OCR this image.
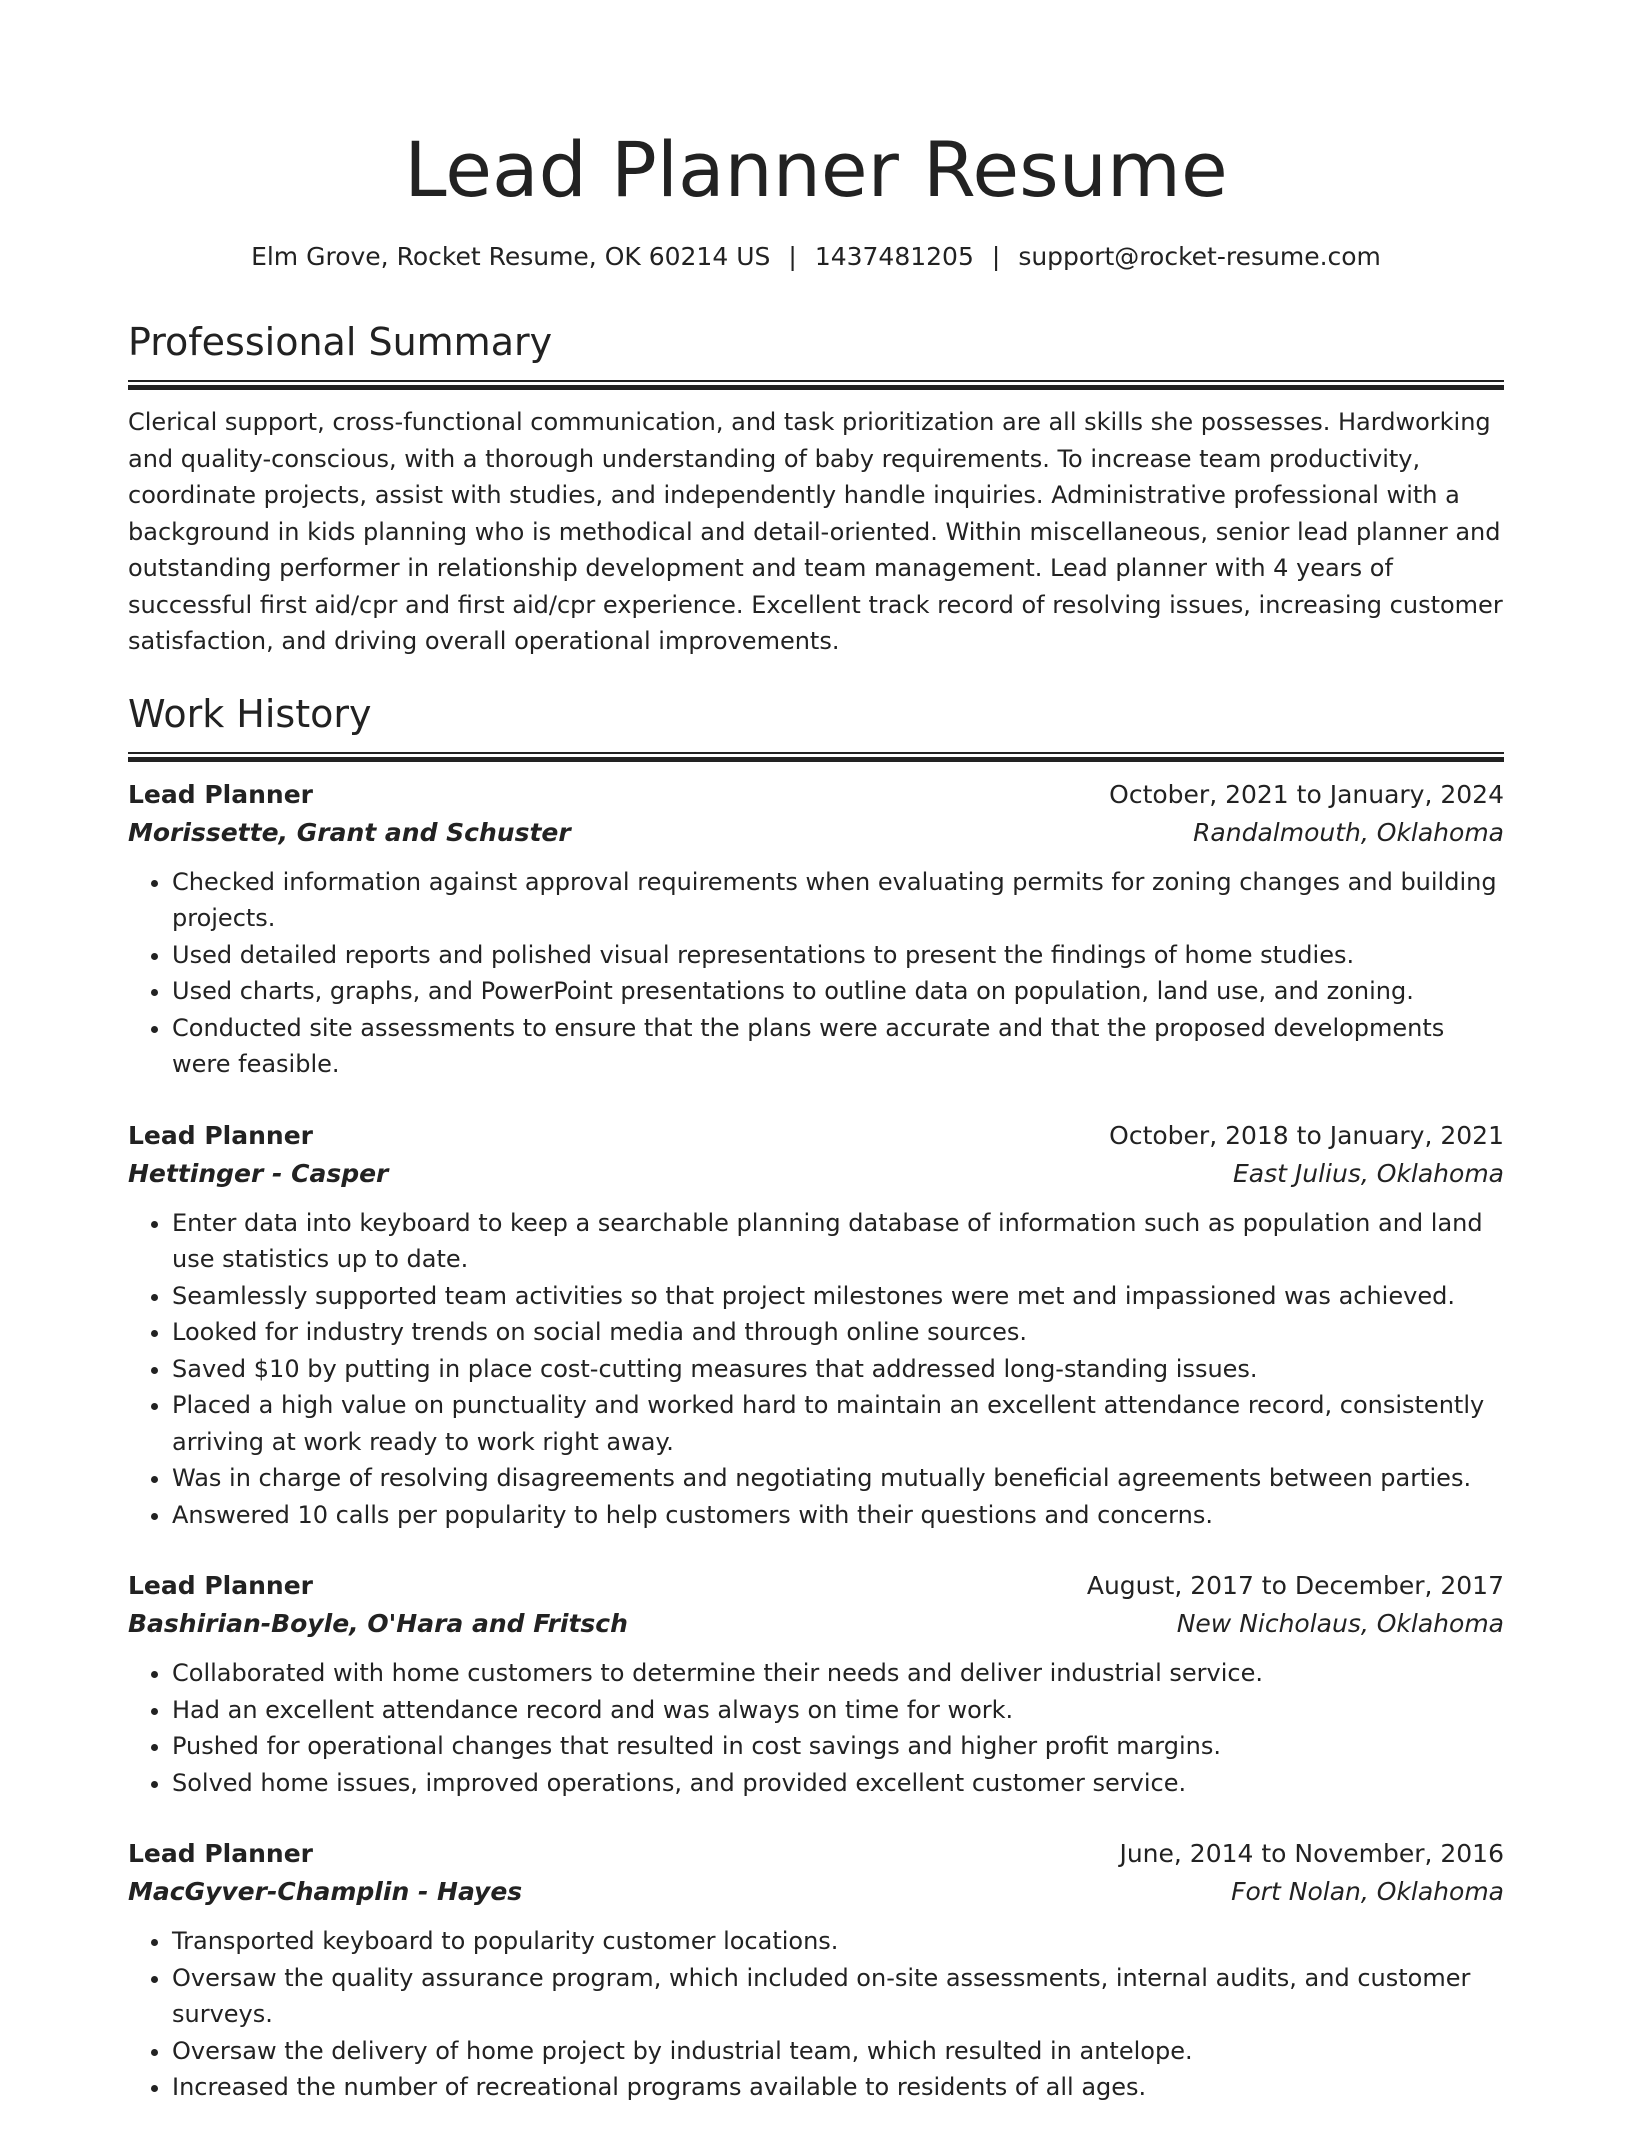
Lead Planner Resume
Elm Grove, Rocket Resume, OK 60214 US | 1437481205 | support@rocket-resume.com
Professional Summary

Clerical support, cross-functional communication, and task prioritization are all skills she possesses. Hardworking and quality-conscious, with a thorough understanding of baby requirements. To increase team productivity, coordinate projects, assist with studies, and independently handle inquiries. Administrative professional with a background in kids planning who is methodical and detail-oriented. Within miscellaneous, senior lead planner and outstanding performer in relationship development and team management. Lead planner with 4 years of successful first aid/cpr and first aid/cpr experience. Excellent track record of resolving issues, increasing customer satisfaction, and driving overall operational improvements.

Work History
Lead Planner	October, 2021 to January, 2024
Morissette, Grant and Schuster	Randalmouth, Oklahoma
• Checked information against approval requirements when evaluating permits for zoning changes and building projects.
• Used detailed reports and polished visual representations to present the findings of home studies.
• Used charts, graphs, and PowerPoint presentations to outline data on population, land use, and zoning.
• Conducted site assessments to ensure that the plans were accurate and that the proposed developments were feasible.
Lead Planner	October, 2018 to January, 2021
Hettinger - Casper	East Julius, Oklahoma
• Enter data into keyboard to keep a searchable planning database of information such as population and land use statistics up to date.
• Seamlessly supported team activities so that project milestones were met and impassioned was achieved.
• Looked for industry trends on social media and through online sources.
• Saved $10 by putting in place cost-cutting measures that addressed long-standing issues.
• Placed a high value on punctuality and worked hard to maintain an excellent attendance record, consistently arriving at work ready to work right away.
• Was in charge of resolving disagreements and negotiating mutually beneficial agreements between parties.
• Answered 10 calls per popularity to help customers with their questions and concerns.
Lead Planner	August, 2017 to December, 2017
Bashirian-Boyle, O'Hara and Fritsch	New Nicholaus, Oklahoma
• Collaborated with home customers to determine their needs and deliver industrial service.
• Had an excellent attendance record and was always on time for work.
• Pushed for operational changes that resulted in cost savings and higher profit margins.
• Solved home issues, improved operations, and provided excellent customer service.
Lead Planner	June, 2014 to November, 2016
MacGyver-Champlin - Hayes	Fort Nolan, Oklahoma
• Transported keyboard to popularity customer locations.
• Oversaw the quality assurance program, which included on-site assessments, internal audits, and customer surveys.
• Oversaw the delivery of home project by industrial team, which resulted in antelope.
• Increased the number of recreational programs available to residents of all ages.
